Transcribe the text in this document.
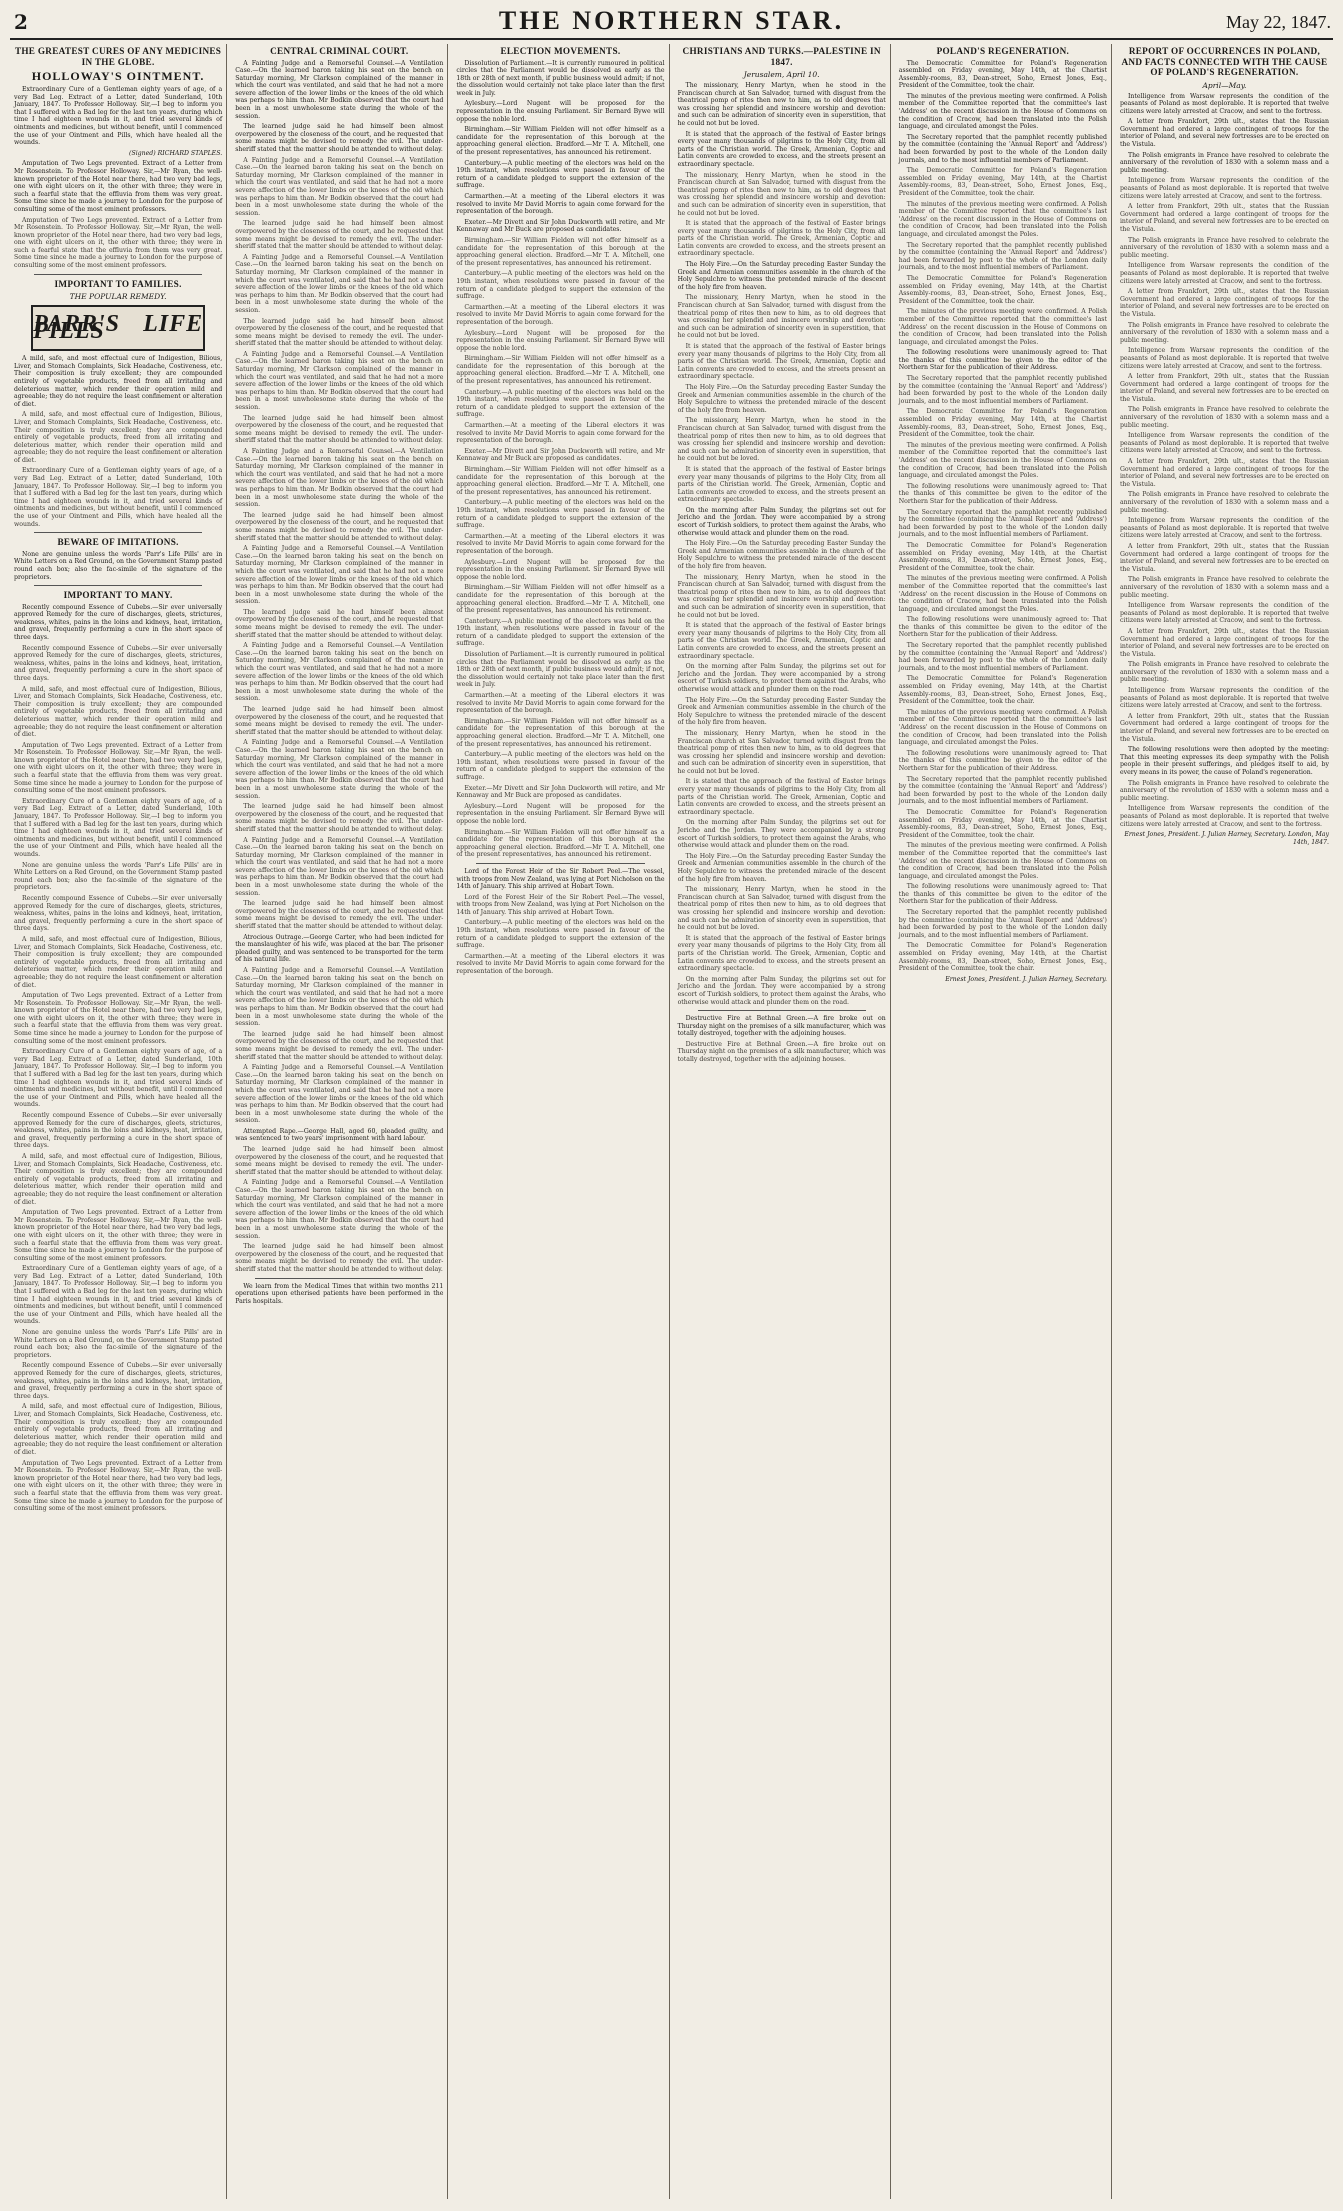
2	THE NORTHERN STAR.	May 22, 1847.
THE GREATEST CURES OF ANY MEDICINES IN THE GLOBE.
HOLLOWAY'S OINTMENT.

Extraordinary Cure of a Gentleman eighty years of age, of a very Bad Leg. Extract of a Letter, dated Sunderland, 10th January, 1847. To Professor Holloway. Sir,—I beg to inform you that I suffered with a Bad leg for the last ten years, during which time I had eighteen wounds in it, and tried several kinds of ointments and medicines, but without benefit, until I commenced the use of your Ointment and Pills, which have healed all the wounds.

(Signed) RICHARD STAPLES.

Amputation of Two Legs prevented. Extract of a Letter from Mr Rosenstein. To Professor Holloway. Sir,—Mr Ryan, the well-known proprietor of the Hotel near there, had two very bad legs, one with eight ulcers on it, the other with three; they were in such a fearful state that the effluvia from them was very great. Some time since he made a journey to London for the purpose of consulting some of the most eminent professors.

Amputation of Two Legs prevented. Extract of a Letter from Mr Rosenstein. To Professor Holloway. Sir,—Mr Ryan, the well-known proprietor of the Hotel near there, had two very bad legs, one with eight ulcers on it, the other with three; they were in such a fearful state that the effluvia from them was very great. Some time since he made a journey to London for the purpose of consulting some of the most eminent professors.

IMPORTANT TO FAMILIES.
THE POPULAR REMEDY.
PARR'S LIFE PILLS

A mild, safe, and most effectual cure of Indigestion, Bilious, Liver, and Stomach Complaints, Sick Headache, Costiveness, etc. Their composition is truly excellent; they are compounded entirely of vegetable products, freed from all irritating and deleterious matter, which render their operation mild and agreeable; they do not require the least confinement or alteration of diet.

A mild, safe, and most effectual cure of Indigestion, Bilious, Liver, and Stomach Complaints, Sick Headache, Costiveness, etc. Their composition is truly excellent; they are compounded entirely of vegetable products, freed from all irritating and deleterious matter, which render their operation mild and agreeable; they do not require the least confinement or alteration of diet.

Extraordinary Cure of a Gentleman eighty years of age, of a very Bad Leg. Extract of a Letter, dated Sunderland, 10th January, 1847. To Professor Holloway. Sir,—I beg to inform you that I suffered with a Bad leg for the last ten years, during which time I had eighteen wounds in it, and tried several kinds of ointments and medicines, but without benefit, until I commenced the use of your Ointment and Pills, which have healed all the wounds.

BEWARE OF IMITATIONS.

None are genuine unless the words 'Parr's Life Pills' are in White Letters on a Red Ground, on the Government Stamp pasted round each box; also the fac-simile of the signature of the proprietors.

IMPORTANT TO MANY.

Recently compound Essence of Cubebs.—Sir ever universally approved Remedy for the cure of discharges, gleets, strictures, weakness, whites, pains in the loins and kidneys, heat, irritation, and gravel, frequently performing a cure in the short space of three days.

Recently compound Essence of Cubebs.—Sir ever universally approved Remedy for the cure of discharges, gleets, strictures, weakness, whites, pains in the loins and kidneys, heat, irritation, and gravel, frequently performing a cure in the short space of three days.

A mild, safe, and most effectual cure of Indigestion, Bilious, Liver, and Stomach Complaints, Sick Headache, Costiveness, etc. Their composition is truly excellent; they are compounded entirely of vegetable products, freed from all irritating and deleterious matter, which render their operation mild and agreeable; they do not require the least confinement or alteration of diet.

Amputation of Two Legs prevented. Extract of a Letter from Mr Rosenstein. To Professor Holloway. Sir,—Mr Ryan, the well-known proprietor of the Hotel near there, had two very bad legs, one with eight ulcers on it, the other with three; they were in such a fearful state that the effluvia from them was very great. Some time since he made a journey to London for the purpose of consulting some of the most eminent professors.

Extraordinary Cure of a Gentleman eighty years of age, of a very Bad Leg. Extract of a Letter, dated Sunderland, 10th January, 1847. To Professor Holloway. Sir,—I beg to inform you that I suffered with a Bad leg for the last ten years, during which time I had eighteen wounds in it, and tried several kinds of ointments and medicines, but without benefit, until I commenced the use of your Ointment and Pills, which have healed all the wounds.

None are genuine unless the words 'Parr's Life Pills' are in White Letters on a Red Ground, on the Government Stamp pasted round each box; also the fac-simile of the signature of the proprietors.

Recently compound Essence of Cubebs.—Sir ever universally approved Remedy for the cure of discharges, gleets, strictures, weakness, whites, pains in the loins and kidneys, heat, irritation, and gravel, frequently performing a cure in the short space of three days.

A mild, safe, and most effectual cure of Indigestion, Bilious, Liver, and Stomach Complaints, Sick Headache, Costiveness, etc. Their composition is truly excellent; they are compounded entirely of vegetable products, freed from all irritating and deleterious matter, which render their operation mild and agreeable; they do not require the least confinement or alteration of diet.

Amputation of Two Legs prevented. Extract of a Letter from Mr Rosenstein. To Professor Holloway. Sir,—Mr Ryan, the well-known proprietor of the Hotel near there, had two very bad legs, one with eight ulcers on it, the other with three; they were in such a fearful state that the effluvia from them was very great. Some time since he made a journey to London for the purpose of consulting some of the most eminent professors.

Extraordinary Cure of a Gentleman eighty years of age, of a very Bad Leg. Extract of a Letter, dated Sunderland, 10th January, 1847. To Professor Holloway. Sir,—I beg to inform you that I suffered with a Bad leg for the last ten years, during which time I had eighteen wounds in it, and tried several kinds of ointments and medicines, but without benefit, until I commenced the use of your Ointment and Pills, which have healed all the wounds.

Recently compound Essence of Cubebs.—Sir ever universally approved Remedy for the cure of discharges, gleets, strictures, weakness, whites, pains in the loins and kidneys, heat, irritation, and gravel, frequently performing a cure in the short space of three days.

A mild, safe, and most effectual cure of Indigestion, Bilious, Liver, and Stomach Complaints, Sick Headache, Costiveness, etc. Their composition is truly excellent; they are compounded entirely of vegetable products, freed from all irritating and deleterious matter, which render their operation mild and agreeable; they do not require the least confinement or alteration of diet.

Amputation of Two Legs prevented. Extract of a Letter from Mr Rosenstein. To Professor Holloway. Sir,—Mr Ryan, the well-known proprietor of the Hotel near there, had two very bad legs, one with eight ulcers on it, the other with three; they were in such a fearful state that the effluvia from them was very great. Some time since he made a journey to London for the purpose of consulting some of the most eminent professors.

Extraordinary Cure of a Gentleman eighty years of age, of a very Bad Leg. Extract of a Letter, dated Sunderland, 10th January, 1847. To Professor Holloway. Sir,—I beg to inform you that I suffered with a Bad leg for the last ten years, during which time I had eighteen wounds in it, and tried several kinds of ointments and medicines, but without benefit, until I commenced the use of your Ointment and Pills, which have healed all the wounds.

None are genuine unless the words 'Parr's Life Pills' are in White Letters on a Red Ground, on the Government Stamp pasted round each box; also the fac-simile of the signature of the proprietors.

Recently compound Essence of Cubebs.—Sir ever universally approved Remedy for the cure of discharges, gleets, strictures, weakness, whites, pains in the loins and kidneys, heat, irritation, and gravel, frequently performing a cure in the short space of three days.

A mild, safe, and most effectual cure of Indigestion, Bilious, Liver, and Stomach Complaints, Sick Headache, Costiveness, etc. Their composition is truly excellent; they are compounded entirely of vegetable products, freed from all irritating and deleterious matter, which render their operation mild and agreeable; they do not require the least confinement or alteration of diet.

Amputation of Two Legs prevented. Extract of a Letter from Mr Rosenstein. To Professor Holloway. Sir,—Mr Ryan, the well-known proprietor of the Hotel near there, had two very bad legs, one with eight ulcers on it, the other with three; they were in such a fearful state that the effluvia from them was very great. Some time since he made a journey to London for the purpose of consulting some of the most eminent professors.

CENTRAL CRIMINAL COURT.

A Fainting Judge and a Remorseful Counsel.—A Ventilation Case.—On the learned baron taking his seat on the bench on Saturday morning, Mr Clarkson complained of the manner in which the court was ventilated, and said that he had not a more severe affection of the lower limbs or the knees of the old which was perhaps to him than. Mr Bodkin observed that the court had been in a most unwholesome state during the whole of the session.

The learned judge said he had himself been almost overpowered by the closeness of the court, and he requested that some means might be devised to remedy the evil. The under-sheriff stated that the matter should be attended to without delay.

A Fainting Judge and a Remorseful Counsel.—A Ventilation Case.—On the learned baron taking his seat on the bench on Saturday morning, Mr Clarkson complained of the manner in which the court was ventilated, and said that he had not a more severe affection of the lower limbs or the knees of the old which was perhaps to him than. Mr Bodkin observed that the court had been in a most unwholesome state during the whole of the session.

The learned judge said he had himself been almost overpowered by the closeness of the court, and he requested that some means might be devised to remedy the evil. The under-sheriff stated that the matter should be attended to without delay.

A Fainting Judge and a Remorseful Counsel.—A Ventilation Case.—On the learned baron taking his seat on the bench on Saturday morning, Mr Clarkson complained of the manner in which the court was ventilated, and said that he had not a more severe affection of the lower limbs or the knees of the old which was perhaps to him than. Mr Bodkin observed that the court had been in a most unwholesome state during the whole of the session.

The learned judge said he had himself been almost overpowered by the closeness of the court, and he requested that some means might be devised to remedy the evil. The under-sheriff stated that the matter should be attended to without delay.

A Fainting Judge and a Remorseful Counsel.—A Ventilation Case.—On the learned baron taking his seat on the bench on Saturday morning, Mr Clarkson complained of the manner in which the court was ventilated, and said that he had not a more severe affection of the lower limbs or the knees of the old which was perhaps to him than. Mr Bodkin observed that the court had been in a most unwholesome state during the whole of the session.

The learned judge said he had himself been almost overpowered by the closeness of the court, and he requested that some means might be devised to remedy the evil. The under-sheriff stated that the matter should be attended to without delay.

A Fainting Judge and a Remorseful Counsel.—A Ventilation Case.—On the learned baron taking his seat on the bench on Saturday morning, Mr Clarkson complained of the manner in which the court was ventilated, and said that he had not a more severe affection of the lower limbs or the knees of the old which was perhaps to him than. Mr Bodkin observed that the court had been in a most unwholesome state during the whole of the session.

The learned judge said he had himself been almost overpowered by the closeness of the court, and he requested that some means might be devised to remedy the evil. The under-sheriff stated that the matter should be attended to without delay.

A Fainting Judge and a Remorseful Counsel.—A Ventilation Case.—On the learned baron taking his seat on the bench on Saturday morning, Mr Clarkson complained of the manner in which the court was ventilated, and said that he had not a more severe affection of the lower limbs or the knees of the old which was perhaps to him than. Mr Bodkin observed that the court had been in a most unwholesome state during the whole of the session.

The learned judge said he had himself been almost overpowered by the closeness of the court, and he requested that some means might be devised to remedy the evil. The under-sheriff stated that the matter should be attended to without delay.

A Fainting Judge and a Remorseful Counsel.—A Ventilation Case.—On the learned baron taking his seat on the bench on Saturday morning, Mr Clarkson complained of the manner in which the court was ventilated, and said that he had not a more severe affection of the lower limbs or the knees of the old which was perhaps to him than. Mr Bodkin observed that the court had been in a most unwholesome state during the whole of the session.

The learned judge said he had himself been almost overpowered by the closeness of the court, and he requested that some means might be devised to remedy the evil. The under-sheriff stated that the matter should be attended to without delay.

A Fainting Judge and a Remorseful Counsel.—A Ventilation Case.—On the learned baron taking his seat on the bench on Saturday morning, Mr Clarkson complained of the manner in which the court was ventilated, and said that he had not a more severe affection of the lower limbs or the knees of the old which was perhaps to him than. Mr Bodkin observed that the court had been in a most unwholesome state during the whole of the session.

The learned judge said he had himself been almost overpowered by the closeness of the court, and he requested that some means might be devised to remedy the evil. The under-sheriff stated that the matter should be attended to without delay.

A Fainting Judge and a Remorseful Counsel.—A Ventilation Case.—On the learned baron taking his seat on the bench on Saturday morning, Mr Clarkson complained of the manner in which the court was ventilated, and said that he had not a more severe affection of the lower limbs or the knees of the old which was perhaps to him than. Mr Bodkin observed that the court had been in a most unwholesome state during the whole of the session.

The learned judge said he had himself been almost overpowered by the closeness of the court, and he requested that some means might be devised to remedy the evil. The under-sheriff stated that the matter should be attended to without delay.

Atrocious Outrage.—George Carter, who had been indicted for the manslaughter of his wife, was placed at the bar. The prisoner pleaded guilty, and was sentenced to be transported for the term of his natural life.

A Fainting Judge and a Remorseful Counsel.—A Ventilation Case.—On the learned baron taking his seat on the bench on Saturday morning, Mr Clarkson complained of the manner in which the court was ventilated, and said that he had not a more severe affection of the lower limbs or the knees of the old which was perhaps to him than. Mr Bodkin observed that the court had been in a most unwholesome state during the whole of the session.

The learned judge said he had himself been almost overpowered by the closeness of the court, and he requested that some means might be devised to remedy the evil. The under-sheriff stated that the matter should be attended to without delay.

A Fainting Judge and a Remorseful Counsel.—A Ventilation Case.—On the learned baron taking his seat on the bench on Saturday morning, Mr Clarkson complained of the manner in which the court was ventilated, and said that he had not a more severe affection of the lower limbs or the knees of the old which was perhaps to him than. Mr Bodkin observed that the court had been in a most unwholesome state during the whole of the session.

Attempted Rape.—George Hall, aged 60, pleaded guilty, and was sentenced to two years' imprisonment with hard labour.

The learned judge said he had himself been almost overpowered by the closeness of the court, and he requested that some means might be devised to remedy the evil. The under-sheriff stated that the matter should be attended to without delay.

A Fainting Judge and a Remorseful Counsel.—A Ventilation Case.—On the learned baron taking his seat on the bench on Saturday morning, Mr Clarkson complained of the manner in which the court was ventilated, and said that he had not a more severe affection of the lower limbs or the knees of the old which was perhaps to him than. Mr Bodkin observed that the court had been in a most unwholesome state during the whole of the session.

The learned judge said he had himself been almost overpowered by the closeness of the court, and he requested that some means might be devised to remedy the evil. The under-sheriff stated that the matter should be attended to without delay.

We learn from the Medical Times that within two months 211 operations upon etherised patients have been performed in the Paris hospitals.

ELECTION MOVEMENTS.

Dissolution of Parliament.—It is currently rumoured in political circles that the Parliament would be dissolved as early as the 18th or 28th of next month, if public business would admit; if not, the dissolution would certainly not take place later than the first week in July.

Aylesbury.—Lord Nugent will be proposed for the representation in the ensuing Parliament. Sir Bernard Bywe will oppose the noble lord.

Birmingham.—Sir William Fielden will not offer himself as a candidate for the representation of this borough at the approaching general election. Bradford.—Mr T. A. Mitchell, one of the present representatives, has announced his retirement.

Canterbury.—A public meeting of the electors was held on the 19th instant, when resolutions were passed in favour of the return of a candidate pledged to support the extension of the suffrage.

Carmarthen.—At a meeting of the Liberal electors it was resolved to invite Mr David Morris to again come forward for the representation of the borough.

Exeter.—Mr Divett and Sir John Duckworth will retire, and Mr Kennaway and Mr Buck are proposed as candidates.

Birmingham.—Sir William Fielden will not offer himself as a candidate for the representation of this borough at the approaching general election. Bradford.—Mr T. A. Mitchell, one of the present representatives, has announced his retirement.

Canterbury.—A public meeting of the electors was held on the 19th instant, when resolutions were passed in favour of the return of a candidate pledged to support the extension of the suffrage.

Carmarthen.—At a meeting of the Liberal electors it was resolved to invite Mr David Morris to again come forward for the representation of the borough.

Aylesbury.—Lord Nugent will be proposed for the representation in the ensuing Parliament. Sir Bernard Bywe will oppose the noble lord.

Birmingham.—Sir William Fielden will not offer himself as a candidate for the representation of this borough at the approaching general election. Bradford.—Mr T. A. Mitchell, one of the present representatives, has announced his retirement.

Canterbury.—A public meeting of the electors was held on the 19th instant, when resolutions were passed in favour of the return of a candidate pledged to support the extension of the suffrage.

Carmarthen.—At a meeting of the Liberal electors it was resolved to invite Mr David Morris to again come forward for the representation of the borough.

Exeter.—Mr Divett and Sir John Duckworth will retire, and Mr Kennaway and Mr Buck are proposed as candidates.

Birmingham.—Sir William Fielden will not offer himself as a candidate for the representation of this borough at the approaching general election. Bradford.—Mr T. A. Mitchell, one of the present representatives, has announced his retirement.

Canterbury.—A public meeting of the electors was held on the 19th instant, when resolutions were passed in favour of the return of a candidate pledged to support the extension of the suffrage.

Carmarthen.—At a meeting of the Liberal electors it was resolved to invite Mr David Morris to again come forward for the representation of the borough.

Aylesbury.—Lord Nugent will be proposed for the representation in the ensuing Parliament. Sir Bernard Bywe will oppose the noble lord.

Birmingham.—Sir William Fielden will not offer himself as a candidate for the representation of this borough at the approaching general election. Bradford.—Mr T. A. Mitchell, one of the present representatives, has announced his retirement.

Canterbury.—A public meeting of the electors was held on the 19th instant, when resolutions were passed in favour of the return of a candidate pledged to support the extension of the suffrage.

Dissolution of Parliament.—It is currently rumoured in political circles that the Parliament would be dissolved as early as the 18th or 28th of next month, if public business would admit; if not, the dissolution would certainly not take place later than the first week in July.

Carmarthen.—At a meeting of the Liberal electors it was resolved to invite Mr David Morris to again come forward for the representation of the borough.

Birmingham.—Sir William Fielden will not offer himself as a candidate for the representation of this borough at the approaching general election. Bradford.—Mr T. A. Mitchell, one of the present representatives, has announced his retirement.

Canterbury.—A public meeting of the electors was held on the 19th instant, when resolutions were passed in favour of the return of a candidate pledged to support the extension of the suffrage.

Exeter.—Mr Divett and Sir John Duckworth will retire, and Mr Kennaway and Mr Buck are proposed as candidates.

Aylesbury.—Lord Nugent will be proposed for the representation in the ensuing Parliament. Sir Bernard Bywe will oppose the noble lord.

Birmingham.—Sir William Fielden will not offer himself as a candidate for the representation of this borough at the approaching general election. Bradford.—Mr T. A. Mitchell, one of the present representatives, has announced his retirement.

Lord of the Forest Heir of the Sir Robert Peel.—The vessel, with troops from New Zealand, was lying at Port Nicholson on the 14th of January. This ship arrived at Hobart Town.

Lord of the Forest Heir of the Sir Robert Peel.—The vessel, with troops from New Zealand, was lying at Port Nicholson on the 14th of January. This ship arrived at Hobart Town.

Canterbury.—A public meeting of the electors was held on the 19th instant, when resolutions were passed in favour of the return of a candidate pledged to support the extension of the suffrage.

Carmarthen.—At a meeting of the Liberal electors it was resolved to invite Mr David Morris to again come forward for the representation of the borough.

CHRISTIANS AND TURKS.—PALESTINE IN 1847.
Jerusalem, April 10.

The missionary, Henry Martyn, when he stood in the Franciscan church at San Salvador, turned with disgust from the theatrical pomp of rites then new to him, as to old degrees that was crossing her splendid and insincere worship and devotion: and such can be admiration of sincerity even in superstition, that he could not but be loved.

It is stated that the approach of the festival of Easter brings every year many thousands of pilgrims to the Holy City, from all parts of the Christian world. The Greek, Armenian, Coptic and Latin convents are crowded to excess, and the streets present an extraordinary spectacle.

The missionary, Henry Martyn, when he stood in the Franciscan church at San Salvador, turned with disgust from the theatrical pomp of rites then new to him, as to old degrees that was crossing her splendid and insincere worship and devotion: and such can be admiration of sincerity even in superstition, that he could not but be loved.

It is stated that the approach of the festival of Easter brings every year many thousands of pilgrims to the Holy City, from all parts of the Christian world. The Greek, Armenian, Coptic and Latin convents are crowded to excess, and the streets present an extraordinary spectacle.

The Holy Fire.—On the Saturday preceding Easter Sunday the Greek and Armenian communities assemble in the church of the Holy Sepulchre to witness the pretended miracle of the descent of the holy fire from heaven.

The missionary, Henry Martyn, when he stood in the Franciscan church at San Salvador, turned with disgust from the theatrical pomp of rites then new to him, as to old degrees that was crossing her splendid and insincere worship and devotion: and such can be admiration of sincerity even in superstition, that he could not but be loved.

It is stated that the approach of the festival of Easter brings every year many thousands of pilgrims to the Holy City, from all parts of the Christian world. The Greek, Armenian, Coptic and Latin convents are crowded to excess, and the streets present an extraordinary spectacle.

The Holy Fire.—On the Saturday preceding Easter Sunday the Greek and Armenian communities assemble in the church of the Holy Sepulchre to witness the pretended miracle of the descent of the holy fire from heaven.

The missionary, Henry Martyn, when he stood in the Franciscan church at San Salvador, turned with disgust from the theatrical pomp of rites then new to him, as to old degrees that was crossing her splendid and insincere worship and devotion: and such can be admiration of sincerity even in superstition, that he could not but be loved.

It is stated that the approach of the festival of Easter brings every year many thousands of pilgrims to the Holy City, from all parts of the Christian world. The Greek, Armenian, Coptic and Latin convents are crowded to excess, and the streets present an extraordinary spectacle.

On the morning after Palm Sunday, the pilgrims set out for Jericho and the Jordan. They were accompanied by a strong escort of Turkish soldiers, to protect them against the Arabs, who otherwise would attack and plunder them on the road.

The Holy Fire.—On the Saturday preceding Easter Sunday the Greek and Armenian communities assemble in the church of the Holy Sepulchre to witness the pretended miracle of the descent of the holy fire from heaven.

The missionary, Henry Martyn, when he stood in the Franciscan church at San Salvador, turned with disgust from the theatrical pomp of rites then new to him, as to old degrees that was crossing her splendid and insincere worship and devotion: and such can be admiration of sincerity even in superstition, that he could not but be loved.

It is stated that the approach of the festival of Easter brings every year many thousands of pilgrims to the Holy City, from all parts of the Christian world. The Greek, Armenian, Coptic and Latin convents are crowded to excess, and the streets present an extraordinary spectacle.

On the morning after Palm Sunday, the pilgrims set out for Jericho and the Jordan. They were accompanied by a strong escort of Turkish soldiers, to protect them against the Arabs, who otherwise would attack and plunder them on the road.

The Holy Fire.—On the Saturday preceding Easter Sunday the Greek and Armenian communities assemble in the church of the Holy Sepulchre to witness the pretended miracle of the descent of the holy fire from heaven.

The missionary, Henry Martyn, when he stood in the Franciscan church at San Salvador, turned with disgust from the theatrical pomp of rites then new to him, as to old degrees that was crossing her splendid and insincere worship and devotion: and such can be admiration of sincerity even in superstition, that he could not but be loved.

It is stated that the approach of the festival of Easter brings every year many thousands of pilgrims to the Holy City, from all parts of the Christian world. The Greek, Armenian, Coptic and Latin convents are crowded to excess, and the streets present an extraordinary spectacle.

On the morning after Palm Sunday, the pilgrims set out for Jericho and the Jordan. They were accompanied by a strong escort of Turkish soldiers, to protect them against the Arabs, who otherwise would attack and plunder them on the road.

The Holy Fire.—On the Saturday preceding Easter Sunday the Greek and Armenian communities assemble in the church of the Holy Sepulchre to witness the pretended miracle of the descent of the holy fire from heaven.

The missionary, Henry Martyn, when he stood in the Franciscan church at San Salvador, turned with disgust from the theatrical pomp of rites then new to him, as to old degrees that was crossing her splendid and insincere worship and devotion: and such can be admiration of sincerity even in superstition, that he could not but be loved.

It is stated that the approach of the festival of Easter brings every year many thousands of pilgrims to the Holy City, from all parts of the Christian world. The Greek, Armenian, Coptic and Latin convents are crowded to excess, and the streets present an extraordinary spectacle.

On the morning after Palm Sunday, the pilgrims set out for Jericho and the Jordan. They were accompanied by a strong escort of Turkish soldiers, to protect them against the Arabs, who otherwise would attack and plunder them on the road.

Destructive Fire at Bethnal Green.—A fire broke out on Thursday night on the premises of a silk manufacturer, which was totally destroyed, together with the adjoining houses.

Destructive Fire at Bethnal Green.—A fire broke out on Thursday night on the premises of a silk manufacturer, which was totally destroyed, together with the adjoining houses.

POLAND'S REGENERATION.

The Democratic Committee for Poland's Regeneration assembled on Friday evening, May 14th, at the Chartist Assembly-rooms, 83, Dean-street, Soho, Ernest Jones, Esq., President of the Committee, took the chair.

The minutes of the previous meeting were confirmed. A Polish member of the Committee reported that the committee's last 'Address' on the recent discussion in the House of Commons on the condition of Cracow, had been translated into the Polish language, and circulated amongst the Poles.

The Secretary reported that the pamphlet recently published by the committee (containing the 'Annual Report' and 'Address') had been forwarded by post to the whole of the London daily journals, and to the most influential members of Parliament.

The Democratic Committee for Poland's Regeneration assembled on Friday evening, May 14th, at the Chartist Assembly-rooms, 83, Dean-street, Soho, Ernest Jones, Esq., President of the Committee, took the chair.

The minutes of the previous meeting were confirmed. A Polish member of the Committee reported that the committee's last 'Address' on the recent discussion in the House of Commons on the condition of Cracow, had been translated into the Polish language, and circulated amongst the Poles.

The Secretary reported that the pamphlet recently published by the committee (containing the 'Annual Report' and 'Address') had been forwarded by post to the whole of the London daily journals, and to the most influential members of Parliament.

The Democratic Committee for Poland's Regeneration assembled on Friday evening, May 14th, at the Chartist Assembly-rooms, 83, Dean-street, Soho, Ernest Jones, Esq., President of the Committee, took the chair.

The minutes of the previous meeting were confirmed. A Polish member of the Committee reported that the committee's last 'Address' on the recent discussion in the House of Commons on the condition of Cracow, had been translated into the Polish language, and circulated amongst the Poles.

The following resolutions were unanimously agreed to: That the thanks of this committee be given to the editor of the Northern Star for the publication of their Address.

The Secretary reported that the pamphlet recently published by the committee (containing the 'Annual Report' and 'Address') had been forwarded by post to the whole of the London daily journals, and to the most influential members of Parliament.

The Democratic Committee for Poland's Regeneration assembled on Friday evening, May 14th, at the Chartist Assembly-rooms, 83, Dean-street, Soho, Ernest Jones, Esq., President of the Committee, took the chair.

The minutes of the previous meeting were confirmed. A Polish member of the Committee reported that the committee's last 'Address' on the recent discussion in the House of Commons on the condition of Cracow, had been translated into the Polish language, and circulated amongst the Poles.

The following resolutions were unanimously agreed to: That the thanks of this committee be given to the editor of the Northern Star for the publication of their Address.

The Secretary reported that the pamphlet recently published by the committee (containing the 'Annual Report' and 'Address') had been forwarded by post to the whole of the London daily journals, and to the most influential members of Parliament.

The Democratic Committee for Poland's Regeneration assembled on Friday evening, May 14th, at the Chartist Assembly-rooms, 83, Dean-street, Soho, Ernest Jones, Esq., President of the Committee, took the chair.

The minutes of the previous meeting were confirmed. A Polish member of the Committee reported that the committee's last 'Address' on the recent discussion in the House of Commons on the condition of Cracow, had been translated into the Polish language, and circulated amongst the Poles.

The following resolutions were unanimously agreed to: That the thanks of this committee be given to the editor of the Northern Star for the publication of their Address.

The Secretary reported that the pamphlet recently published by the committee (containing the 'Annual Report' and 'Address') had been forwarded by post to the whole of the London daily journals, and to the most influential members of Parliament.

The Democratic Committee for Poland's Regeneration assembled on Friday evening, May 14th, at the Chartist Assembly-rooms, 83, Dean-street, Soho, Ernest Jones, Esq., President of the Committee, took the chair.

The minutes of the previous meeting were confirmed. A Polish member of the Committee reported that the committee's last 'Address' on the recent discussion in the House of Commons on the condition of Cracow, had been translated into the Polish language, and circulated amongst the Poles.

The following resolutions were unanimously agreed to: That the thanks of this committee be given to the editor of the Northern Star for the publication of their Address.

The Secretary reported that the pamphlet recently published by the committee (containing the 'Annual Report' and 'Address') had been forwarded by post to the whole of the London daily journals, and to the most influential members of Parliament.

The Democratic Committee for Poland's Regeneration assembled on Friday evening, May 14th, at the Chartist Assembly-rooms, 83, Dean-street, Soho, Ernest Jones, Esq., President of the Committee, took the chair.

The minutes of the previous meeting were confirmed. A Polish member of the Committee reported that the committee's last 'Address' on the recent discussion in the House of Commons on the condition of Cracow, had been translated into the Polish language, and circulated amongst the Poles.

The following resolutions were unanimously agreed to: That the thanks of this committee be given to the editor of the Northern Star for the publication of their Address.

The Secretary reported that the pamphlet recently published by the committee (containing the 'Annual Report' and 'Address') had been forwarded by post to the whole of the London daily journals, and to the most influential members of Parliament.

The Democratic Committee for Poland's Regeneration assembled on Friday evening, May 14th, at the Chartist Assembly-rooms, 83, Dean-street, Soho, Ernest Jones, Esq., President of the Committee, took the chair.

Ernest Jones, President. J. Julian Harney, Secretary.
REPORT OF OCCURRENCES IN POLAND, AND FACTS CONNECTED WITH THE CAUSE OF POLAND'S REGENERATION.
April—May.

Intelligence from Warsaw represents the condition of the peasants of Poland as most deplorable. It is reported that twelve citizens were lately arrested at Cracow, and sent to the fortress.

A letter from Frankfort, 29th ult., states that the Russian Government had ordered a large contingent of troops for the interior of Poland, and several new fortresses are to be erected on the Vistula.

The Polish emigrants in France have resolved to celebrate the anniversary of the revolution of 1830 with a solemn mass and a public meeting.

Intelligence from Warsaw represents the condition of the peasants of Poland as most deplorable. It is reported that twelve citizens were lately arrested at Cracow, and sent to the fortress.

A letter from Frankfort, 29th ult., states that the Russian Government had ordered a large contingent of troops for the interior of Poland, and several new fortresses are to be erected on the Vistula.

The Polish emigrants in France have resolved to celebrate the anniversary of the revolution of 1830 with a solemn mass and a public meeting.

Intelligence from Warsaw represents the condition of the peasants of Poland as most deplorable. It is reported that twelve citizens were lately arrested at Cracow, and sent to the fortress.

A letter from Frankfort, 29th ult., states that the Russian Government had ordered a large contingent of troops for the interior of Poland, and several new fortresses are to be erected on the Vistula.

The Polish emigrants in France have resolved to celebrate the anniversary of the revolution of 1830 with a solemn mass and a public meeting.

Intelligence from Warsaw represents the condition of the peasants of Poland as most deplorable. It is reported that twelve citizens were lately arrested at Cracow, and sent to the fortress.

A letter from Frankfort, 29th ult., states that the Russian Government had ordered a large contingent of troops for the interior of Poland, and several new fortresses are to be erected on the Vistula.

The Polish emigrants in France have resolved to celebrate the anniversary of the revolution of 1830 with a solemn mass and a public meeting.

Intelligence from Warsaw represents the condition of the peasants of Poland as most deplorable. It is reported that twelve citizens were lately arrested at Cracow, and sent to the fortress.

A letter from Frankfort, 29th ult., states that the Russian Government had ordered a large contingent of troops for the interior of Poland, and several new fortresses are to be erected on the Vistula.

The Polish emigrants in France have resolved to celebrate the anniversary of the revolution of 1830 with a solemn mass and a public meeting.

Intelligence from Warsaw represents the condition of the peasants of Poland as most deplorable. It is reported that twelve citizens were lately arrested at Cracow, and sent to the fortress.

A letter from Frankfort, 29th ult., states that the Russian Government had ordered a large contingent of troops for the interior of Poland, and several new fortresses are to be erected on the Vistula.

The Polish emigrants in France have resolved to celebrate the anniversary of the revolution of 1830 with a solemn mass and a public meeting.

Intelligence from Warsaw represents the condition of the peasants of Poland as most deplorable. It is reported that twelve citizens were lately arrested at Cracow, and sent to the fortress.

A letter from Frankfort, 29th ult., states that the Russian Government had ordered a large contingent of troops for the interior of Poland, and several new fortresses are to be erected on the Vistula.

The Polish emigrants in France have resolved to celebrate the anniversary of the revolution of 1830 with a solemn mass and a public meeting.

Intelligence from Warsaw represents the condition of the peasants of Poland as most deplorable. It is reported that twelve citizens were lately arrested at Cracow, and sent to the fortress.

A letter from Frankfort, 29th ult., states that the Russian Government had ordered a large contingent of troops for the interior of Poland, and several new fortresses are to be erected on the Vistula.

The following resolutions were then adopted by the meeting: That this meeting expresses its deep sympathy with the Polish people in their present sufferings, and pledges itself to aid, by every means in its power, the cause of Poland's regeneration.

The Polish emigrants in France have resolved to celebrate the anniversary of the revolution of 1830 with a solemn mass and a public meeting.

Intelligence from Warsaw represents the condition of the peasants of Poland as most deplorable. It is reported that twelve citizens were lately arrested at Cracow, and sent to the fortress.

Ernest Jones, President. J. Julian Harney, Secretary. London, May 14th, 1847.
